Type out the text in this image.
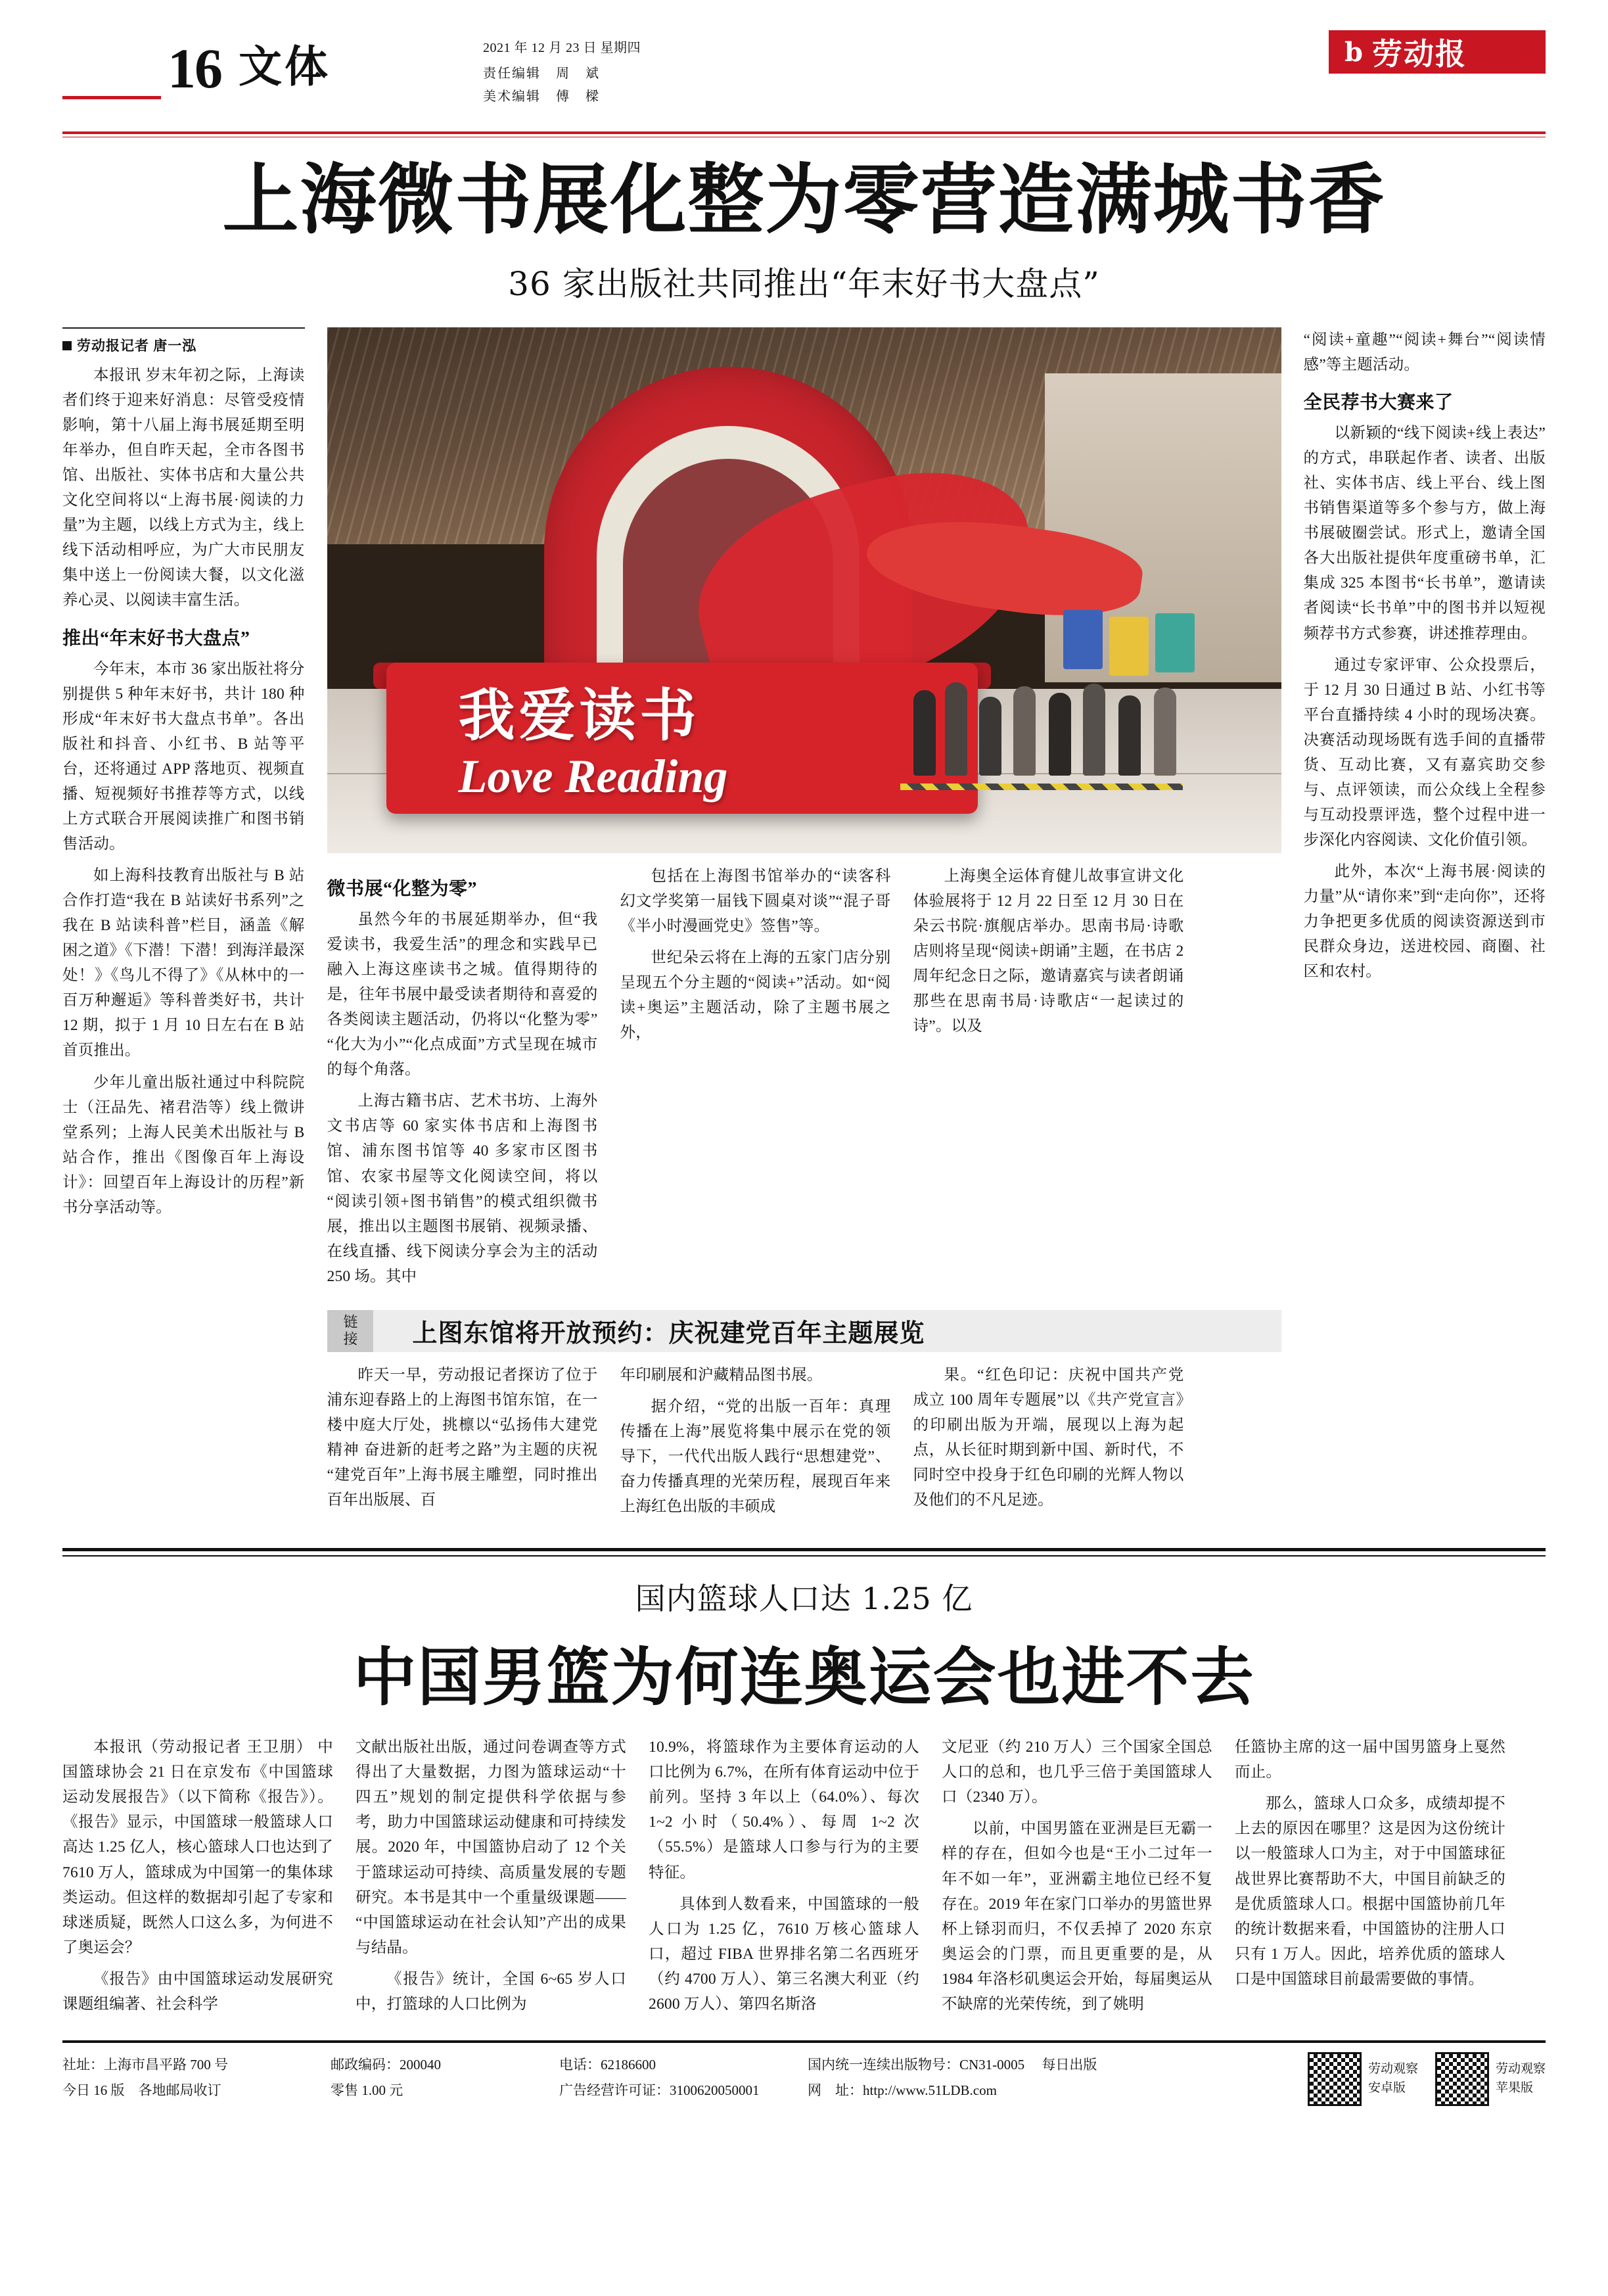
16 文体	2021 年 12 月 23 日 星期四
责任编辑 周 斌
美术编辑 傅 樑
b 劳动报
上海微书展化整为零营造满城书香
36 家出版社共同推出“年末好书大盘点”
劳动报记者 唐一泓

本报讯 岁末年初之际，上海读者们终于迎来好消息：尽管受疫情影响，第十八届上海书展延期至明年举办，但自昨天起，全市各图书馆、出版社、实体书店和大量公共文化空间将以“上海书展·阅读的力量”为主题，以线上方式为主，线上线下活动相呼应，为广大市民朋友集中送上一份阅读大餐，以文化滋养心灵、以阅读丰富生活。

推出“年末好书大盘点”

今年末，本市 36 家出版社将分别提供 5 种年末好书，共计 180 种形成“年末好书大盘点书单”。各出版社和抖音、小红书、B 站等平台，还将通过 APP 落地页、视频直播、短视频好书推荐等方式，以线上方式联合开展阅读推广和图书销售活动。

如上海科技教育出版社与 B 站合作打造“我在 B 站读好书系列”之我在 B 站读科普”栏目，涵盖《解困之道》《下潜！下潜！到海洋最深处！》《鸟儿不得了》《从林中的一百万种邂逅》等科普类好书，共计 12 期，拟于 1 月 10 日左右在 B 站首页推出。

少年儿童出版社通过中科院院士（汪品先、褚君浩等）线上微讲堂系列；上海人民美术出版社与 B 站合作，推出《图像百年上海设计》：回望百年上海设计的历程”新书分享活动等。

我爱读书
Love Reading
微书展“化整为零”

虽然今年的书展延期举办，但“我爱读书，我爱生活”的理念和实践早已融入上海这座读书之城。值得期待的是，往年书展中最受读者期待和喜爱的各类阅读主题活动，仍将以“化整为零”“化大为小”“化点成面”方式呈现在城市的每个角落。

上海古籍书店、艺术书坊、上海外文书店等 60 家实体书店和上海图书馆、浦东图书馆等 40 多家市区图书馆、农家书屋等文化阅读空间，将以“阅读引领+图书销售”的模式组织微书展，推出以主题图书展销、视频录播、在线直播、线下阅读分享会为主的活动 250 场。其中

包括在上海图书馆举办的“读客科幻文学奖第一届钱下圆桌对谈”“混子哥《半小时漫画党史》签售”等。

世纪朵云将在上海的五家门店分别呈现五个分主题的“阅读+”活动。如“阅读+奥运”主题活动，除了主题书展之外，

上海奥全运体育健儿故事宣讲文化体验展将于 12 月 22 日至 12 月 30 日在朵云书院·旗舰店举办。思南书局·诗歌店则将呈现“阅读+朗诵”主题，在书店 2 周年纪念日之际，邀请嘉宾与读者朗诵那些在思南书局·诗歌店“一起读过的诗”。以及

链接	上图东馆将开放预约：庆祝建党百年主题展览

昨天一早，劳动报记者探访了位于浦东迎春路上的上海图书馆东馆，在一楼中庭大厅处，挑檩以“弘扬伟大建党精神 奋进新的赶考之路”为主题的庆祝“建党百年”上海书展主雕塑，同时推出百年出版展、百

年印刷展和沪藏精品图书展。

据介绍，“党的出版一百年：真理传播在上海”展览将集中展示在党的领导下，一代代出版人践行“思想建党”、奋力传播真理的光荣历程，展现百年来上海红色出版的丰硕成

果。“红色印记：庆祝中国共产党成立 100 周年专题展”以《共产党宣言》的印刷出版为开端，展现以上海为起点，从长征时期到新中国、新时代，不同时空中投身于红色印刷的光辉人物以及他们的不凡足迹。

“阅读+童趣”“阅读+舞台”“阅读情感”等主题活动。

全民荐书大赛来了

以新颖的“线下阅读+线上表达”的方式，串联起作者、读者、出版社、实体书店、线上平台、线上图书销售渠道等多个参与方，做上海书展破圈尝试。形式上，邀请全国各大出版社提供年度重磅书单，汇集成 325 本图书“长书单”，邀请读者阅读“长书单”中的图书并以短视频荐书方式参赛，讲述推荐理由。

通过专家评审、公众投票后，于 12 月 30 日通过 B 站、小红书等平台直播持续 4 小时的现场决赛。决赛活动现场既有选手间的直播带货、互动比赛，又有嘉宾助交参与、点评领读，而公众线上全程参与互动投票评选，整个过程中进一步深化内容阅读、文化价值引领。

此外，本次“上海书展·阅读的力量”从“请你来”到“走向你”，还将力争把更多优质的阅读资源送到市民群众身边，送进校园、商圈、社区和农村。

国内篮球人口达 1.25 亿
中国男篮为何连奥运会也进不去

本报讯（劳动报记者 王卫朋） 中国篮球协会 21 日在京发布《中国篮球运动发展报告》（以下简称《报告》）。《报告》显示，中国篮球一般篮球人口高达 1.25 亿人，核心篮球人口也达到了 7610 万人，篮球成为中国第一的集体球类运动。但这样的数据却引起了专家和球迷质疑，既然人口这么多，为何进不了奥运会？

《报告》由中国篮球运动发展研究课题组编著、社会科学

文献出版社出版，通过问卷调查等方式得出了大量数据，力图为篮球运动“十四五”规划的制定提供科学依据与参考，助力中国篮球运动健康和可持续发展。2020 年，中国篮协启动了 12 个关于篮球运动可持续、高质量发展的专题研究。本书是其中一个重量级课题——“中国篮球运动在社会认知”产出的成果与结晶。

《报告》统计，全国 6~65 岁人口中，打篮球的人口比例为

10.9%，将篮球作为主要体育运动的人口比例为 6.7%，在所有体育运动中位于前列。坚持 3 年以上（64.0%）、每次 1~2 小时（50.4%）、每周 1~2 次（55.5%）是篮球人口参与行为的主要特征。

具体到人数看来，中国篮球的一般人口为 1.25 亿，7610 万核心篮球人口，超过 FIBA 世界排名第二名西班牙（约 4700 万人）、第三名澳大利亚（约 2600 万人）、第四名斯洛

文尼亚（约 210 万人）三个国家全国总人口的总和，也几乎三倍于美国篮球人口（2340 万）。

以前，中国男篮在亚洲是巨无霸一样的存在，但如今也是“王小二过年一年不如一年”，亚洲霸主地位已经不复存在。2019 年在家门口举办的男篮世界杯上铩羽而归，不仅丢掉了 2020 东京奥运会的门票，而且更重要的是，从 1984 年洛杉矶奥运会开始，每届奥运从不缺席的光荣传统，到了姚明

任篮协主席的这一届中国男篮身上戛然而止。

那么，篮球人口众多，成绩却提不上去的原因在哪里？这是因为这份统计以一般篮球人口为主，对于中国篮球征战世界比赛帮助不大，中国目前缺乏的是优质篮球人口。根据中国篮协前几年的统计数据来看，中国篮协的注册人口只有 1 万人。因此，培养优质的篮球人口是中国篮球目前最需要做的事情。

社址：上海市昌平路 700 号
今日 16 版 各地邮局收订
邮政编码：200040
零售 1.00 元
电话：62186600
广告经营许可证：3100620050001
国内统一连续出版物号：CN31-0005 每日出版
网　址：http://www.51LDB.com
劳动观察
安卓版
劳动观察
苹果版
